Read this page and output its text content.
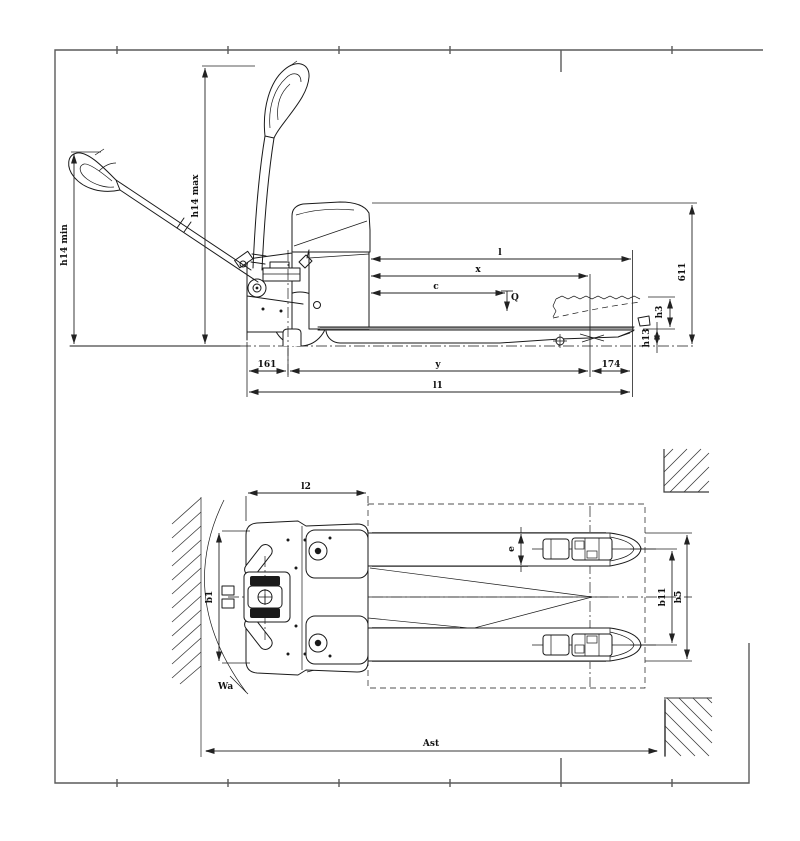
h14 min
h14 max
l
x
c
Q
611
h3
h13
161	y	174
l1
l2
b1
e
b11 b5
Wa
Ast
